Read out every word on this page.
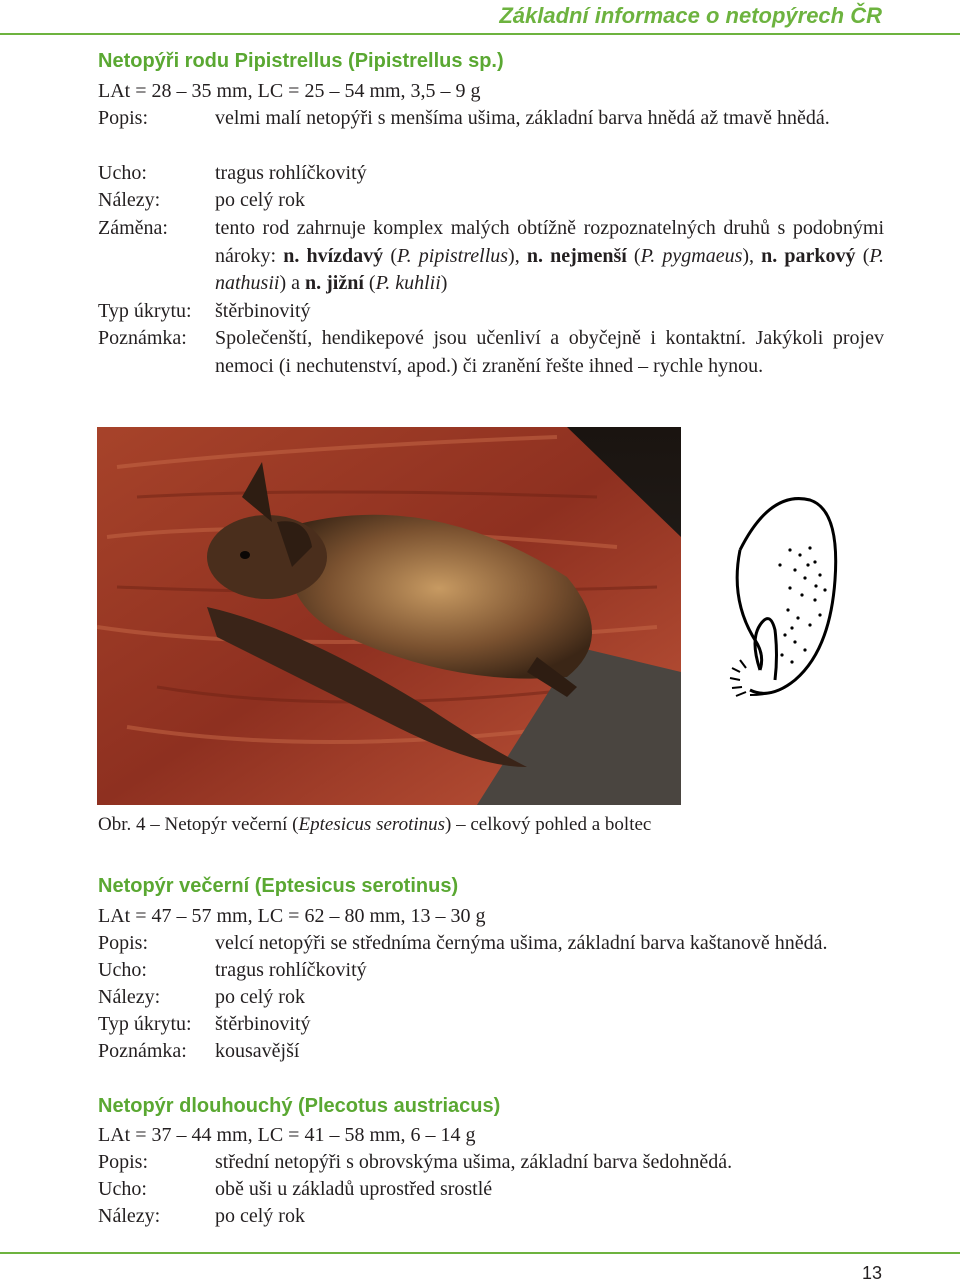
Základní informace o netopýrech ČR
Netopýři rodu Pipistrellus (Pipistrellus sp.)
LAt = 28 – 35 mm, LC = 25 – 54 mm, 3,5 – 9 g
Popis:	velmi malí netopýři s menšíma ušima, základní barva hnědá až tmavě hnědá.
Ucho:	tragus rohlíčkovitý
Nálezy:	po celý rok
Záměna: tento rod zahrnuje komplex malých obtížně rozpoznatelných druhů s podobnými nároky: n. hvízdavý (P. pipistrellus), n. nejmenší (P. pygmaeus), n. parkový (P. nathusii) a n. jižní (P. kuhlii)
Typ úkrytu: štěrbinovitý
Poznámka: Společenští, hendikepové jsou učenliví a obyčejně i kontaktní. Jakýkoli projev nemoci (i nechutenství, apod.) či zranění řešte ihned – rychle hynou.
Obr. 4 – Netopýr večerní (Eptesicus serotinus) – celkový pohled a boltec
Netopýr večerní (Eptesicus serotinus)
LAt = 47 – 57 mm, LC = 62 – 80 mm, 13 – 30 g
Popis:	velcí netopýři se středníma černýma ušima, základní barva kaštanově hnědá.
Ucho:	tragus rohlíčkovitý
Nálezy:	po celý rok
Typ úkrytu: štěrbinovitý
Poznámka: kousavější
Netopýr dlouhouchý (Plecotus austriacus)
LAt = 37 – 44 mm, LC = 41 – 58 mm, 6 – 14 g
Popis:	střední netopýři s obrovskýma ušima, základní barva šedohnědá.
Ucho:	obě uši u základů uprostřed srostlé
Nálezy:	po celý rok
13
